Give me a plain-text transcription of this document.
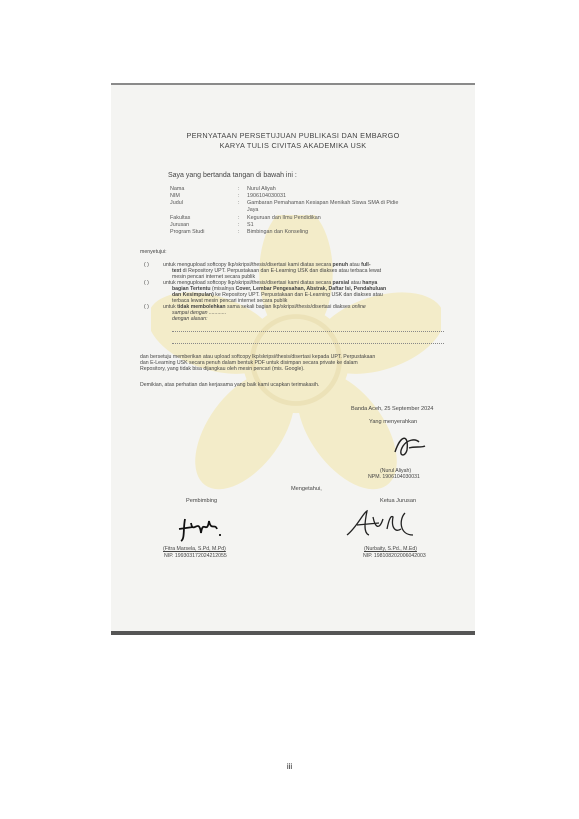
PERNYATAAN PERSETUJUAN PUBLIKASI DAN EMBARGO
KARYA TULIS CIVITAS AKADEMIKA USK
Saya yang bertanda tangan di bawah ini :
Nama	: Nurul Aliyah
NIM	: 1906104030031
Judul	: Gambaran Pemahaman Kesiapan Menikah Siswa SMA di Pidie
Jaya
Fakultas	: Keguruan dan Ilmu Pendidikan
Jurusan	: S1
Program Studi	: Bimbingan dan Konseling
menyetujui:
( )	untuk mengupload softcopy lkp/skripsi/thesis/disertasi kami diatas secara penuh atau full-
text di Repository UPT. Perpustakaan dan E-Learning USK dan diakses atau terbaca lewat
mesin pencari internet secara publik
( )	untuk mengupload softcopy lkp/skripsi/thesis/disertasi kami diatas secara parsial atau hanya
bagian Tertentu (misalnya Cover, Lembar Pengesahan, Abstrak, Daftar Isi, Pendahuluan
dan Kesimpulan) ke Repository UPT. Perpustakaan dan E-Learning USK dan diakses atau
terbaca lewat mesin pencari internet secara publik
( )	untuk tidak membolehkan sama sekali bagian lkp/skripsi/thesis/disertasi diakses online
sampai dengan ............
dengan alasan:
dan bersetuju memberikan atau upload softcopy lkp/skripsi/thesis/disertasi kepada UPT. Perpustakaan
dan E-Learning USK secara penuh dalam bentuk PDF untuk disimpan secara private ke dalam
Repository, yang tidak bisa dijangkau oleh mesin pencari (mis. Google).
Demikian, atas perhatian dan kerjasama yang baik kami ucapkan terimakasih.
Banda Aceh, 25 September 2024
Yang menyerahkan
(Nurul Aliyah)
NPM. 1906104030031
Mengetahui,
Pembimbing	Ketua Jurusan
(Fitra Marsela, S.Pd, M.Pd)
NIP. 199303172024212055
(Nurbaity, S.Pd., M.Ed)
NIP. 198108202006042003
iii
